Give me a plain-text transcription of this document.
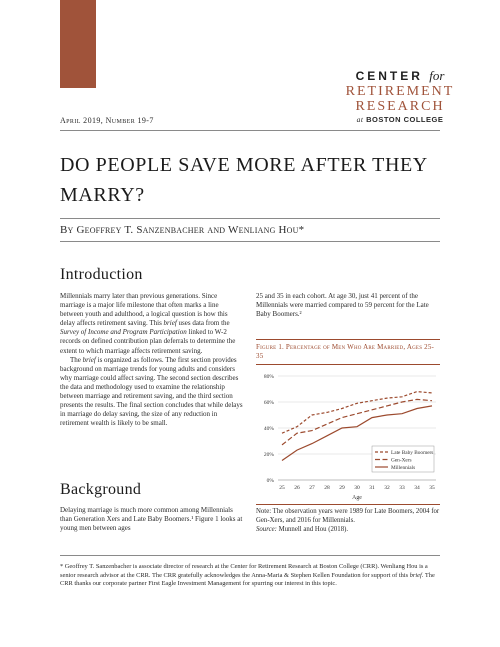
CENTER for
RETIREMENT
RESEARCH
at BOSTON COLLEGE
April 2019, Number 19-7
DO PEOPLE SAVE MORE AFTER THEY MARRY?
By Geoffrey T. Sanzenbacher and Wenliang Hou*
Introduction

Millennials marry later than previous generations. Since marriage is a major life milestone that often marks a line between youth and adulthood, a logical question is how this delay affects retirement saving. This brief uses data from the Survey of Income and Program Participation linked to W-2 records on defined contribution plan deferrals to determine the extent to which marriage affects retirement saving.

The brief is organized as follows. The first section provides background on marriage trends for young adults and considers why marriage could affect saving. The second section describes the data and methodology used to examine the relationship between marriage and retirement saving, and the third section presents the results. The final section concludes that while delays in marriage do delay saving, the size of any reduction in retirement wealth is likely to be small.

Background
Delaying marriage is much more common among Millennials than Generation Xers and Late Baby Boomers.¹ Figure 1 looks at young men between ages
25 and 35 in each cohort. At age 30, just 41 percent of the Millennials were married compared to 59 percent for the Late Baby Boomers.²
Figure 1. Percentage of Men Who Are Married, Ages 25-35
0%
20%
40%
60%
80%
25 26 27 28 29 30 31 32 33 34 35
Age
Late Baby Boomers
Gen-Xers
Millennials
Note: The observation years were 1989 for Late Boomers, 2004 for Gen-Xers, and 2016 for Millennials.
Source: Munnell and Hou (2018).
* Geoffrey T. Sanzenbacher is associate director of research at the Center for Retirement Research at Boston College (CRR). Wenliang Hou is a senior research advisor at the CRR. The CRR gratefully acknowledges the Anna-Maria & Stephen Kellen Foundation for support of this brief. The CRR thanks our corporate partner First Eagle Investment Management for spurring our interest in this topic.
